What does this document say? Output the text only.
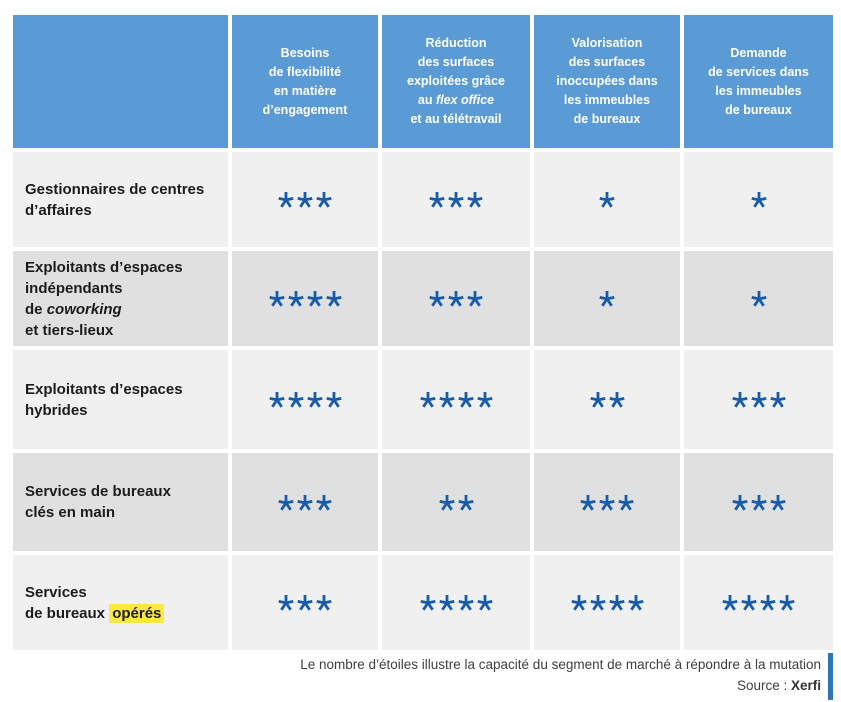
Besoins
de flexibilité
en matière
d’engagement
Réduction
des surfaces
exploitées grâce
au flex office
et au télétravail
Valorisation
des surfaces
inoccupées dans
les immeubles
de bureaux
Demande
de services dans
les immeubles
de bureaux
Gestionnaires de centres
d’affaires
Exploitants d’espaces
indépendants
de coworking
et tiers-lieux
Exploitants d’espaces
hybrides
Services de bureaux
clés en main
Services
de bureaux opérés
Le nombre d’étoiles illustre la capacité du segment de marché à répondre à la mutation
Source : Xerfi
